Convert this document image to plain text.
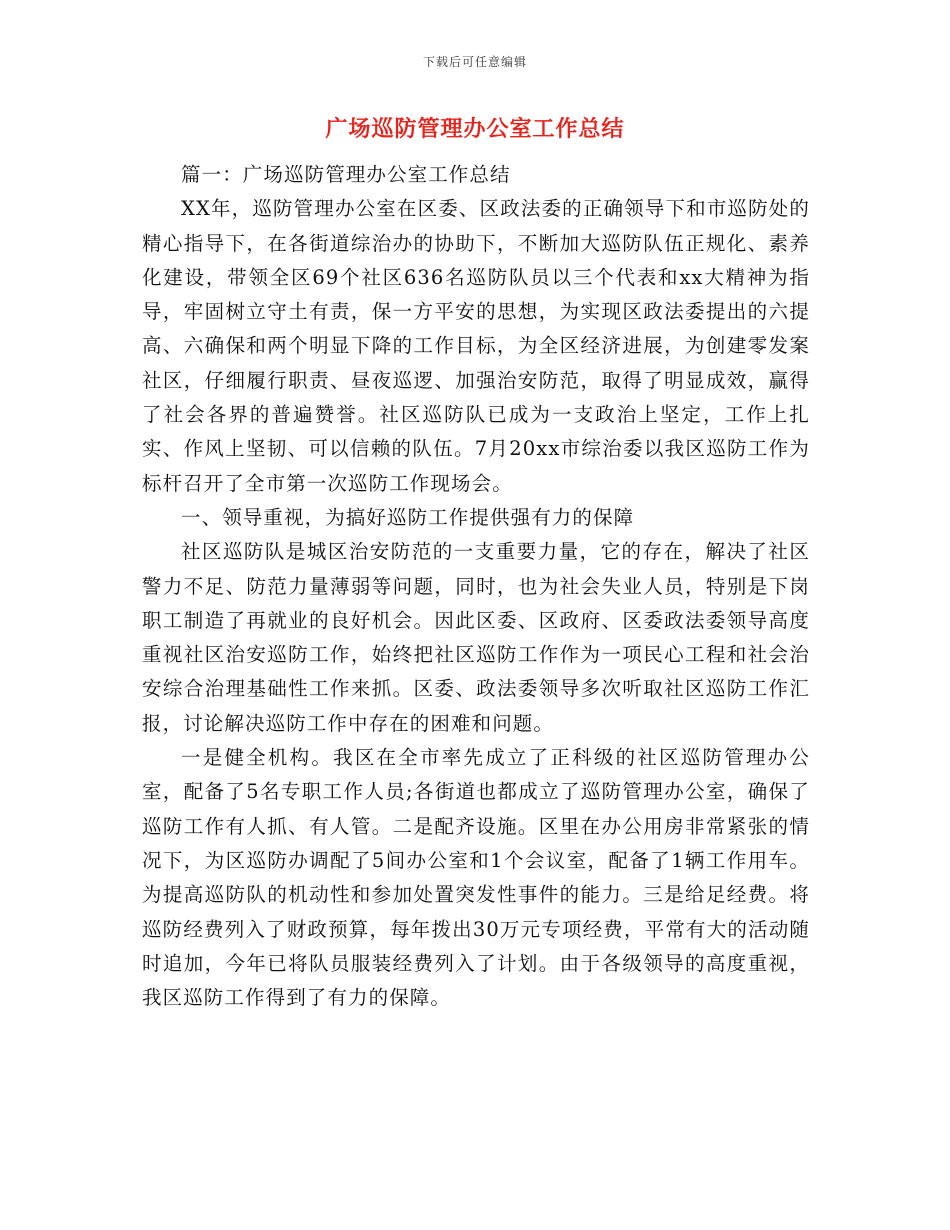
下载后可任意编辑
广场巡防管理办公室工作总结

篇一：广场巡防管理办公室工作总结

XX年，巡防管理办公室在区委、区政法委的正确领导下和市巡防处的精心指导下，在各街道综治办的协助下，不断加大巡防队伍正规化、素养化建设，带领全区69个社区636名巡防队员以三个代表和xx大精神为指导，牢固树立守土有责，保一方平安的思想，为实现区政法委提出的六提高、六确保和两个明显下降的工作目标，为全区经济进展，为创建零发案社区，仔细履行职责、昼夜巡逻、加强治安防范，取得了明显成效，赢得了社会各界的普遍赞誉。社区巡防队已成为一支政治上坚定，工作上扎实、作风上坚韧、可以信赖的队伍。7月20xx市综治委以我区巡防工作为标杆召开了全市第一次巡防工作现场会。

一、领导重视，为搞好巡防工作提供强有力的保障

社区巡防队是城区治安防范的一支重要力量，它的存在，解决了社区警力不足、防范力量薄弱等问题，同时，也为社会失业人员，特别是下岗职工制造了再就业的良好机会。因此区委、区政府、区委政法委领导高度重视社区治安巡防工作，始终把社区巡防工作作为一项民心工程和社会治安综合治理基础性工作来抓。区委、政法委领导多次听取社区巡防工作汇报，讨论解决巡防工作中存在的困难和问题。

一是健全机构。我区在全市率先成立了正科级的社区巡防管理办公室，配备了5名专职工作人员;各街道也都成立了巡防管理办公室，确保了巡防工作有人抓、有人管。二是配齐设施。区里在办公用房非常紧张的情况下，为区巡防办调配了5间办公室和1个会议室，配备了1辆工作用车。为提高巡防队的机动性和参加处置突发性事件的能力。三是给足经费。将巡防经费列入了财政预算，每年拨出30万元专项经费，平常有大的活动随时追加，今年已将队员服装经费列入了计划。由于各级领导的高度重视，我区巡防工作得到了有力的保障。
